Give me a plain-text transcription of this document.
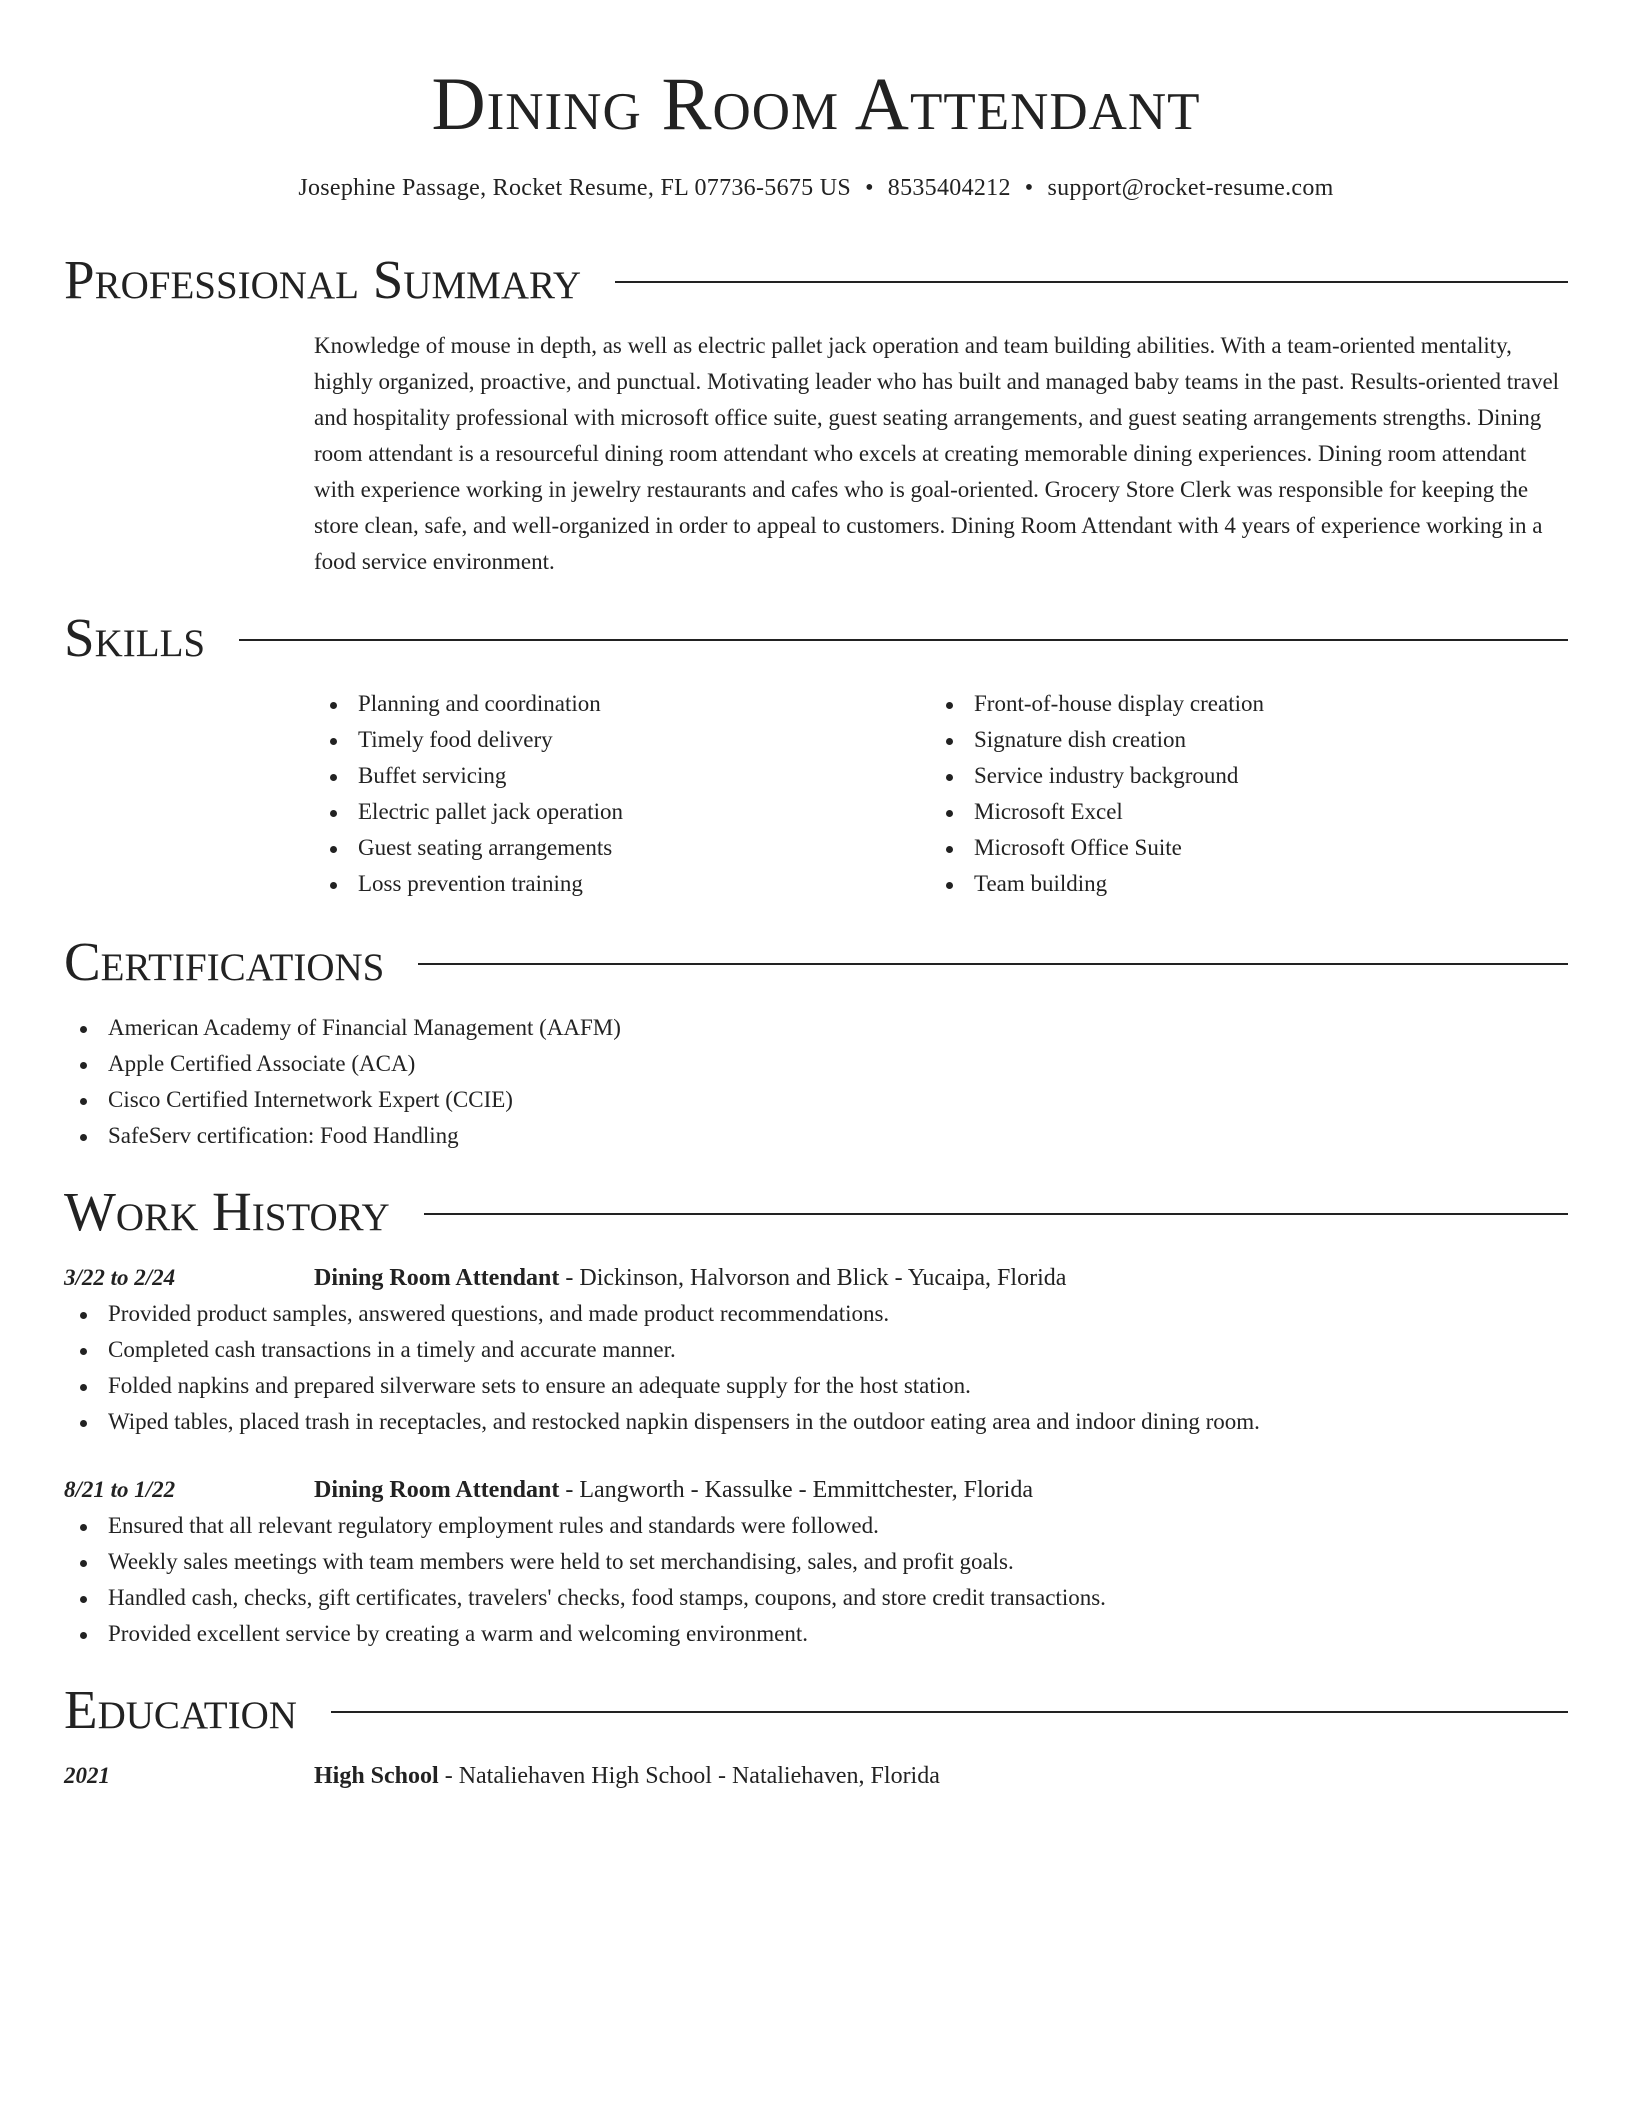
Dining Room Attendant
Josephine Passage, Rocket Resume, FL 07736-5675 US • 8535404212 • support@rocket-resume.com
Professional Summary
Knowledge of mouse in depth, as well as electric pallet jack operation and team building abilities. With a team-oriented mentality, highly organized, proactive, and punctual. Motivating leader who has built and managed baby teams in the past. Results-oriented travel and hospitality professional with microsoft office suite, guest seating arrangements, and guest seating arrangements strengths. Dining room attendant is a resourceful dining room attendant who excels at creating memorable dining experiences. Dining room attendant with experience working in jewelry restaurants and cafes who is goal-oriented. Grocery Store Clerk was responsible for keeping the store clean, safe, and well-organized in order to appeal to customers. Dining Room Attendant with 4 years of experience working in a food service environment.
Skills
Planning and coordination
Timely food delivery
Buffet servicing
Electric pallet jack operation
Guest seating arrangements
Loss prevention training
Front-of-house display creation
Signature dish creation
Service industry background
Microsoft Excel
Microsoft Office Suite
Team building
Certifications
American Academy of Financial Management (AAFM)
Apple Certified Associate (ACA)
Cisco Certified Internetwork Expert (CCIE)
SafeServ certification: Food Handling
Work History
3/22 to 2/24	Dining Room Attendant - Dickinson, Halvorson and Blick - Yucaipa, Florida
Provided product samples, answered questions, and made product recommendations.
Completed cash transactions in a timely and accurate manner.
Folded napkins and prepared silverware sets to ensure an adequate supply for the host station.
Wiped tables, placed trash in receptacles, and restocked napkin dispensers in the outdoor eating area and indoor dining room.
8/21 to 1/22	Dining Room Attendant - Langworth - Kassulke - Emmittchester, Florida
Ensured that all relevant regulatory employment rules and standards were followed.
Weekly sales meetings with team members were held to set merchandising, sales, and profit goals.
Handled cash, checks, gift certificates, travelers' checks, food stamps, coupons, and store credit transactions.
Provided excellent service by creating a warm and welcoming environment.
Education
2021	High School - Nataliehaven High School - Nataliehaven, Florida
